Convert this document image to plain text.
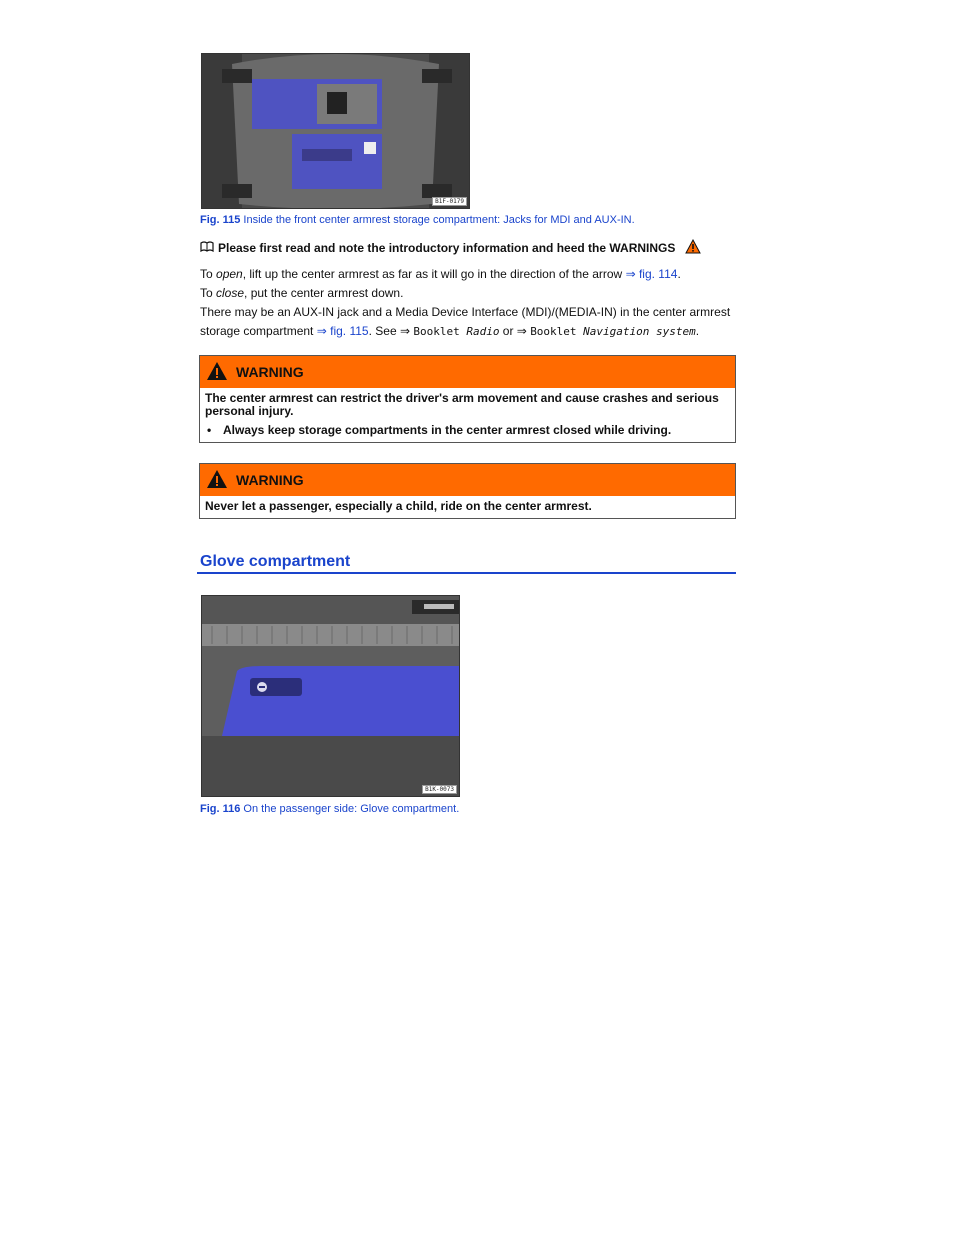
B1F-0179
Fig. 115 Inside the front center armrest storage compartment: Jacks for MDI and AUX-IN.
Please first read and note the introductory information and heed the WARNINGS
To open, lift up the center armrest as far as it will go in the direction of the arrow ⇒ fig. 114.
To close, put the center armrest down.
There may be an AUX-IN jack and a Media Device Interface (MDI)/(MEDIA-IN) in the center armrest
storage compartment ⇒ fig. 115. See ⇒ Booklet Radio or ⇒ Booklet Navigation system.
WARNING
The center armrest can restrict the driver's arm movement and cause crashes and serious personal injury.
• Always keep storage compartments in the center armrest closed while driving.
WARNING
Never let a passenger, especially a child, ride on the center armrest.
Glove compartment
B1K-0073
Fig. 116 On the passenger side: Glove compartment.
